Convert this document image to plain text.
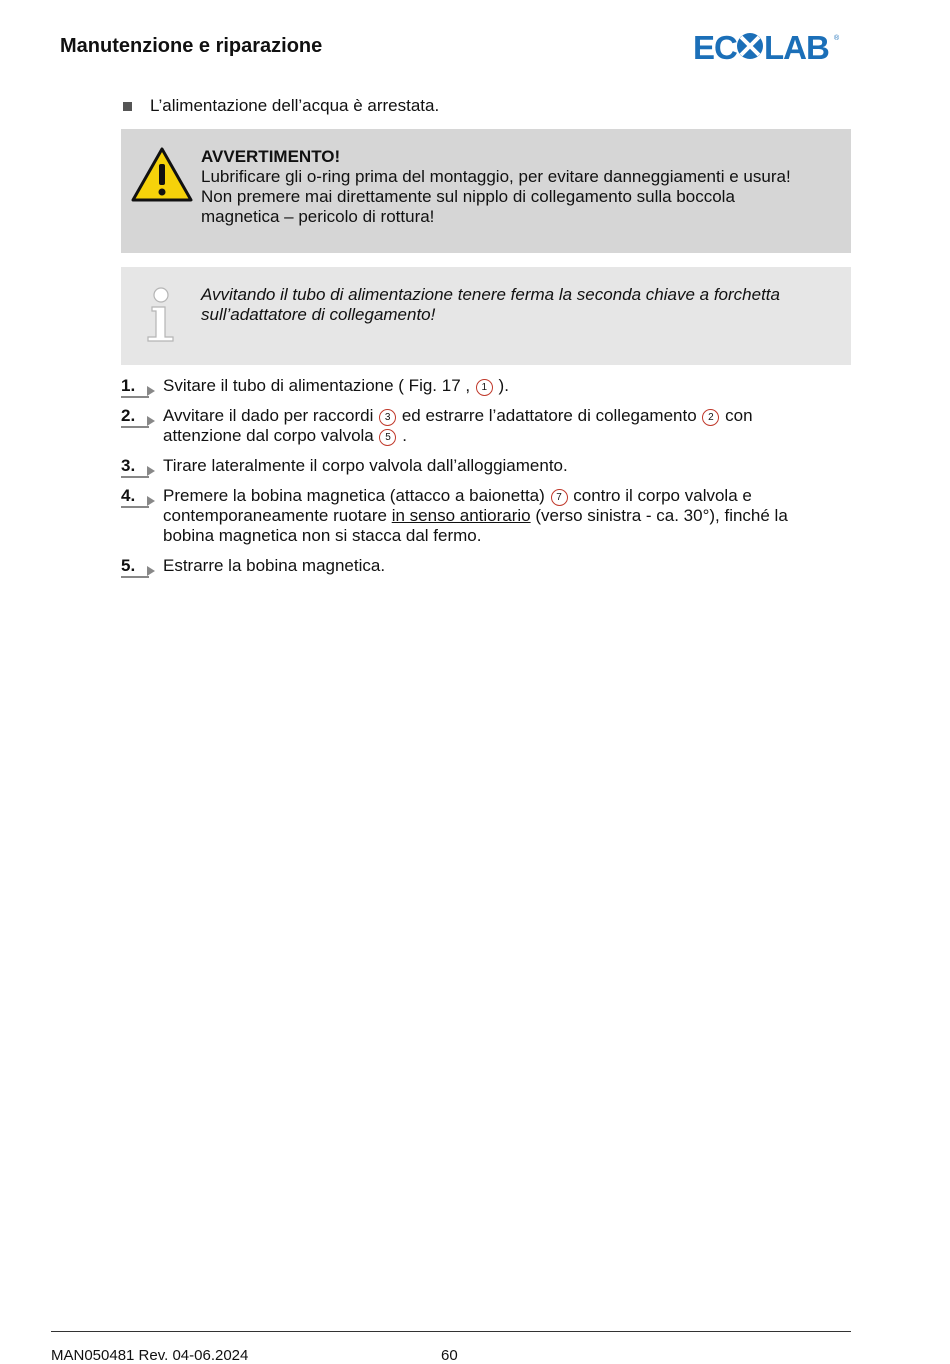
Manutenzione e riparazione	EC LAB ®
L’alimentazione dell’acqua è arrestata.
AVVERTIMENTO!
Lubrificare gli o-ring prima del montaggio, per evitare danneggiamenti e usura!
Non premere mai direttamente sul nipplo di collegamento sulla boccola
magnetica – pericolo di rottura!
Avvitando il tubo di alimentazione tenere ferma la seconda chiave a forchetta
sull’adattatore di collegamento!
1. Svitare il tubo di alimentazione ( Fig. 17 , 1 ).
2. Avvitare il dado per raccordi 3 ed estrarre l’adattatore di collegamento 2 con
attenzione dal corpo valvola 5 .
3. Tirare lateralmente il corpo valvola dall’alloggiamento.
4. Premere la bobina magnetica (attacco a baionetta) 7 contro il corpo valvola e
contemporaneamente ruotare in senso antiorario (verso sinistra - ca. 30°), finché la
bobina magnetica non si stacca dal fermo.
5. Estrarre la bobina magnetica.
MAN050481 Rev. 04-06.2024	60
